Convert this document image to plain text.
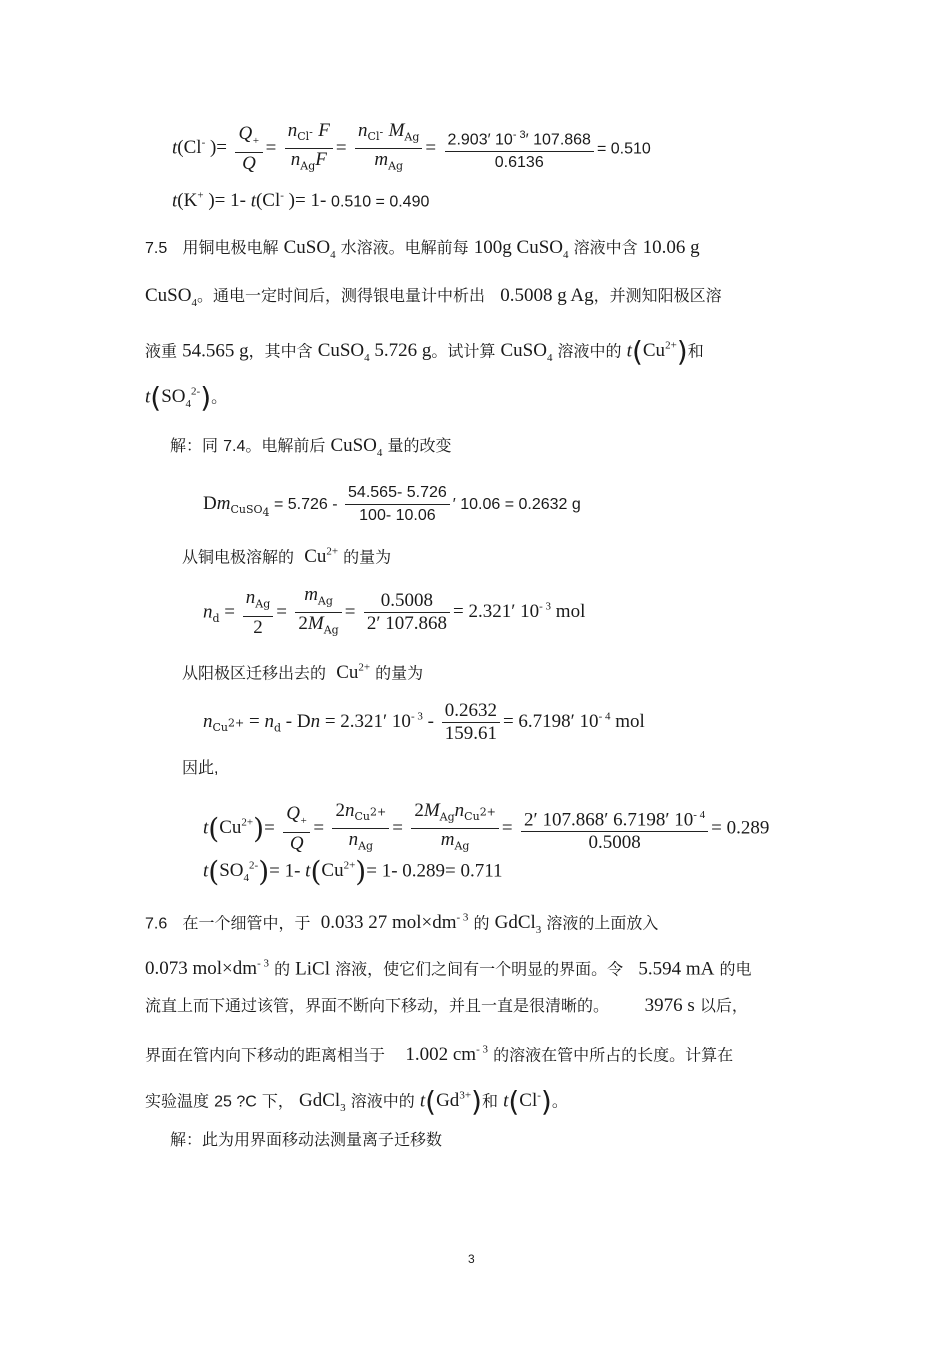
t(Cl- )= $\frac{Q_+}{Q} = \frac{n_{Cl^-} F}{n_{Ag}F} = \frac{n_{Cl^-} M_{Ag}}{m_{Ag}} = \frac{2.903' 10^{- 3}' 107.868}{0.6136} = 0.510$
t(K+ )= 1- t(Cl- )= 1- 0.510 = 0.490
7.5   用铜电极电解 CuSO$_4$ 水溶液。电解前每 100g CuSO$_4$ 溶液中含 10.06 g
CuSO$_4$。通电一定时间后，测得银电量计中析出   0.5008 g Ag，并测知阳极区溶
液重 54.565 g，其中含 CuSO$_4$ 5.726 g。试计算 CuSO$_4$ 溶液中的 $t(Cu^{2+})$和
$t(SO_4^{2-})$。
解：同 7.4。电解前后 CuSO$_4$ 量的改变
$Dm_{CuSO_4} = 5.726 - \frac{54.565- 5.726}{100- 10.06}$ ′ 10.06 = 0.2632 g
从铜电极溶解的  $Cu^{2+}$ 的量为
$n_d = \frac{n_{Ag}}{2} = \frac{m_{Ag}}{2M_{Ag}} = \frac{0.5008}{2' 107.868} = 2.321'$ $10^{- 3}$ mol
从阳极区迁移出去的  $Cu^{2+}$ 的量为
$n_{Cu^{2+}} = n_d - Dn = 2.321'$ $10^{- 3} - \frac{0.2632}{159.61} = 6.7198'$ $10^{- 4}$ mol
因此,
$t(Cu^{2+})= \frac{Q_+}{Q} = \frac{2n_{Cu^{2+}}}{n_{Ag}} = \frac{2M_{Ag}n_{Cu^{2+}}}{m_{Ag}} = \frac{2' 107.868' 6.7198' 10^{- 4}}{0.5008} = 0.289$
$t(SO_4^{2-})= 1-$ $t(Cu^{2+})= 1-$ 0.289= 0.711
7.6   在一个细管中，于  0.033 27 $mol\times dm^{- 3}$ 的 GdCl$_3$ 溶液的上面放入
0.073 $mol\times dm^{- 3}$ 的 LiCl 溶液，使它们之间有一个明显的界面。令   5.594 mA 的电
流直上而下通过该管，界面不断向下移动，并且一直是很清晰的。       3976 s 以后，
界面在管内向下移动的距离相当于    1.002 $cm^{- 3}$ 的溶液在管中所占的长度。计算在
实验温度 25 ?C 下， GdCl$_3$ 溶液中的 $t(Gd^{3+})$和 t(Cl-)。
解：此为用界面移动法测量离子迁移数
3
